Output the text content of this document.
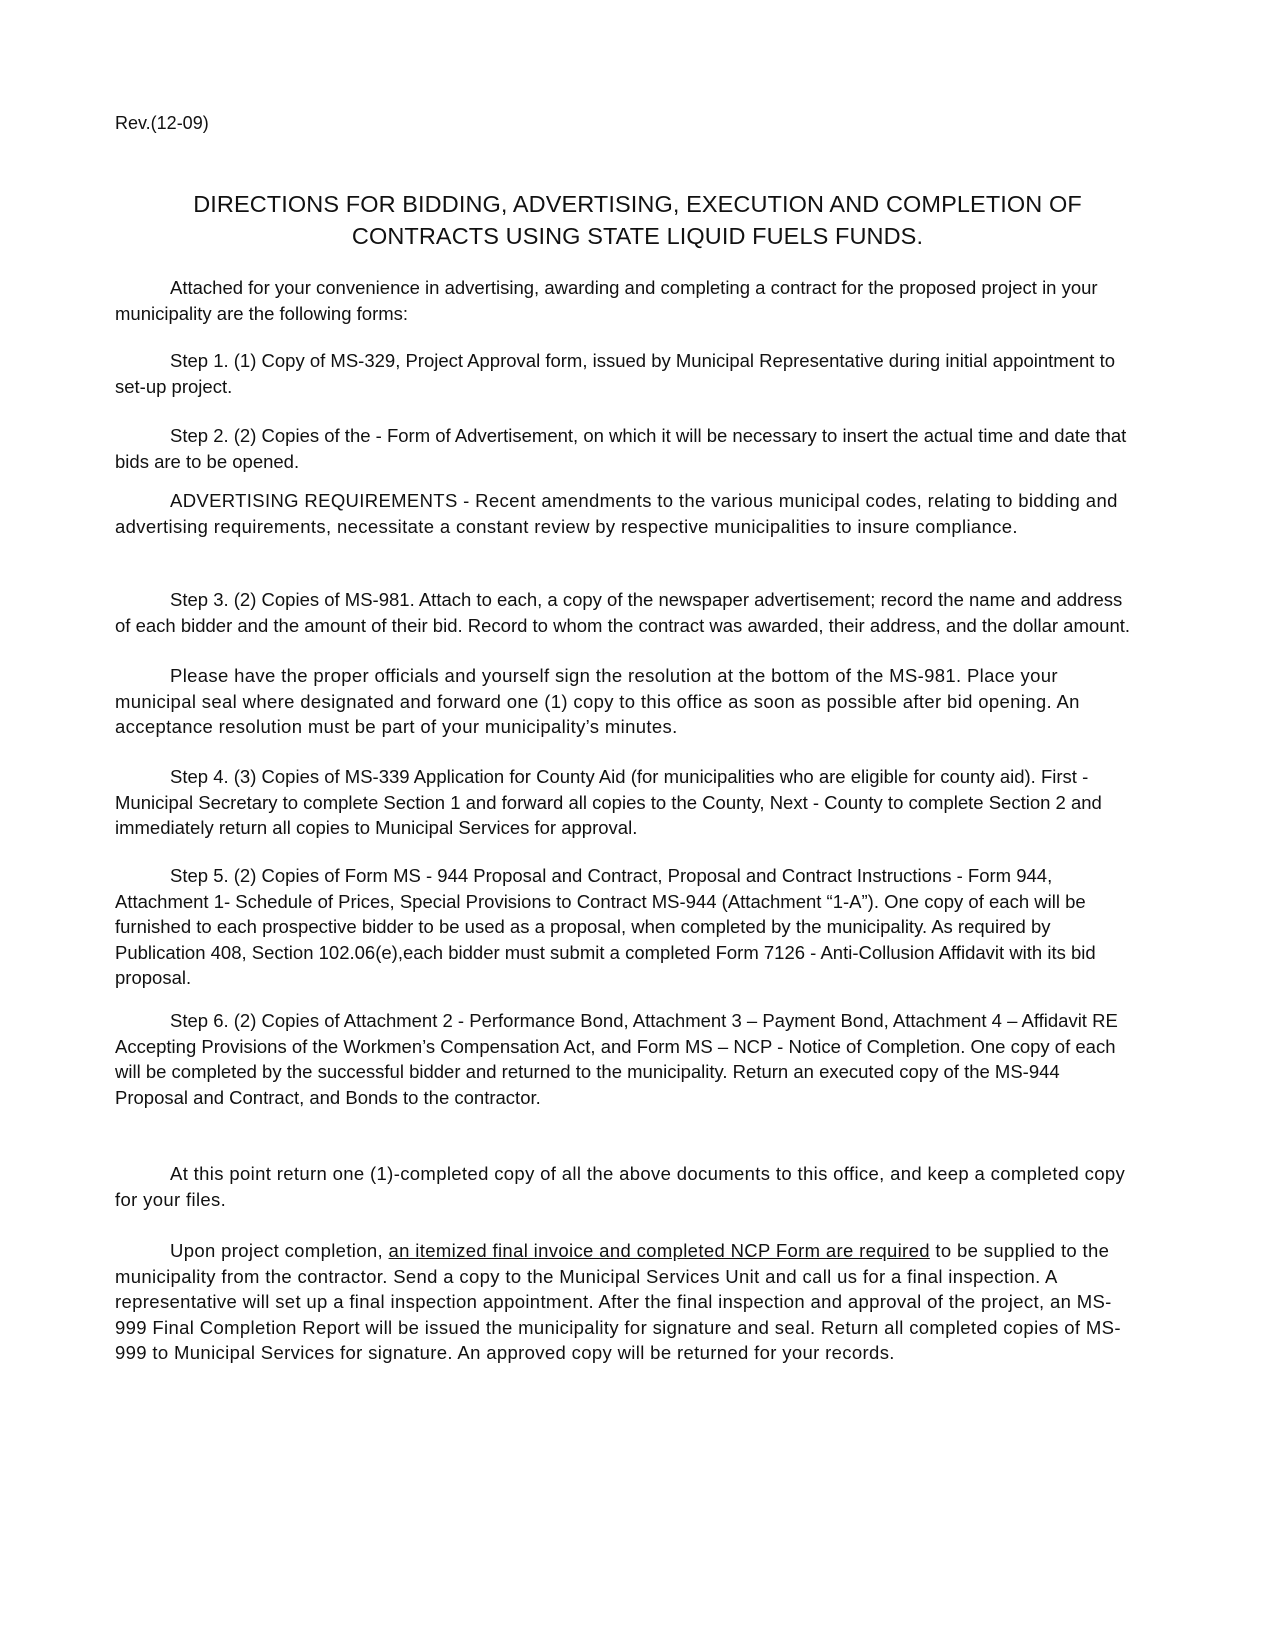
Rev.(12-09)
DIRECTIONS FOR BIDDING, ADVERTISING, EXECUTION AND COMPLETION OF
CONTRACTS USING STATE LIQUID FUELS FUNDS.

Attached for your convenience in advertising, awarding and completing a contract for the proposed project in your municipality are the following forms:

Step 1. (1) Copy of MS-329, Project Approval form, issued by Municipal Representative during initial appointment to set-up project.

Step 2. (2) Copies of the - Form of Advertisement, on which it will be necessary to insert the actual time and date that bids are to be opened.

ADVERTISING REQUIREMENTS - Recent amendments to the various municipal codes, relating to bidding and advertising requirements, necessitate a constant review by respective municipalities to insure compliance.

Step 3. (2) Copies of MS-981. Attach to each, a copy of the newspaper advertisement; record the name and address of each bidder and the amount of their bid. Record to whom the contract was awarded, their address, and the dollar amount.

Please have the proper officials and yourself sign the resolution at the bottom of the MS-981. Place your municipal seal where designated and forward one (1) copy to this office as soon as possible after bid opening. An acceptance resolution must be part of your municipality’s minutes.

Step 4. (3) Copies of MS-339 Application for County Aid (for municipalities who are eligible for county aid). First - Municipal Secretary to complete Section 1 and forward all copies to the County, Next - County to complete Section 2 and immediately return all copies to Municipal Services for approval.

Step 5. (2) Copies of Form MS - 944 Proposal and Contract, Proposal and Contract Instructions - Form 944, Attachment 1- Schedule of Prices, Special Provisions to Contract MS-944 (Attachment “1-A”). One copy of each will be furnished to each prospective bidder to be used as a proposal, when completed by the municipality. As required by Publication 408, Section 102.06(e),each bidder must submit a completed Form 7126 - Anti-Collusion Affidavit with its bid proposal.

Step 6. (2) Copies of Attachment 2 - Performance Bond, Attachment 3 – Payment Bond, Attachment 4 – Affidavit RE Accepting Provisions of the Workmen’s Compensation Act, and Form MS – NCP - Notice of Completion. One copy of each will be completed by the successful bidder and returned to the municipality. Return an executed copy of the MS-944 Proposal and Contract, and Bonds to the contractor.

At this point return one (1)-completed copy of all the above documents to this office, and keep a completed copy for your files.

Upon project completion, an itemized final invoice and completed NCP Form are required to be supplied to the municipality from the contractor. Send a copy to the Municipal Services Unit and call us for a final inspection. A representative will set up a final inspection appointment. After the final inspection and approval of the project, an MS-999 Final Completion Report will be issued the municipality for signature and seal. Return all completed copies of MS-999 to Municipal Services for signature. An approved copy will be returned for your records.
